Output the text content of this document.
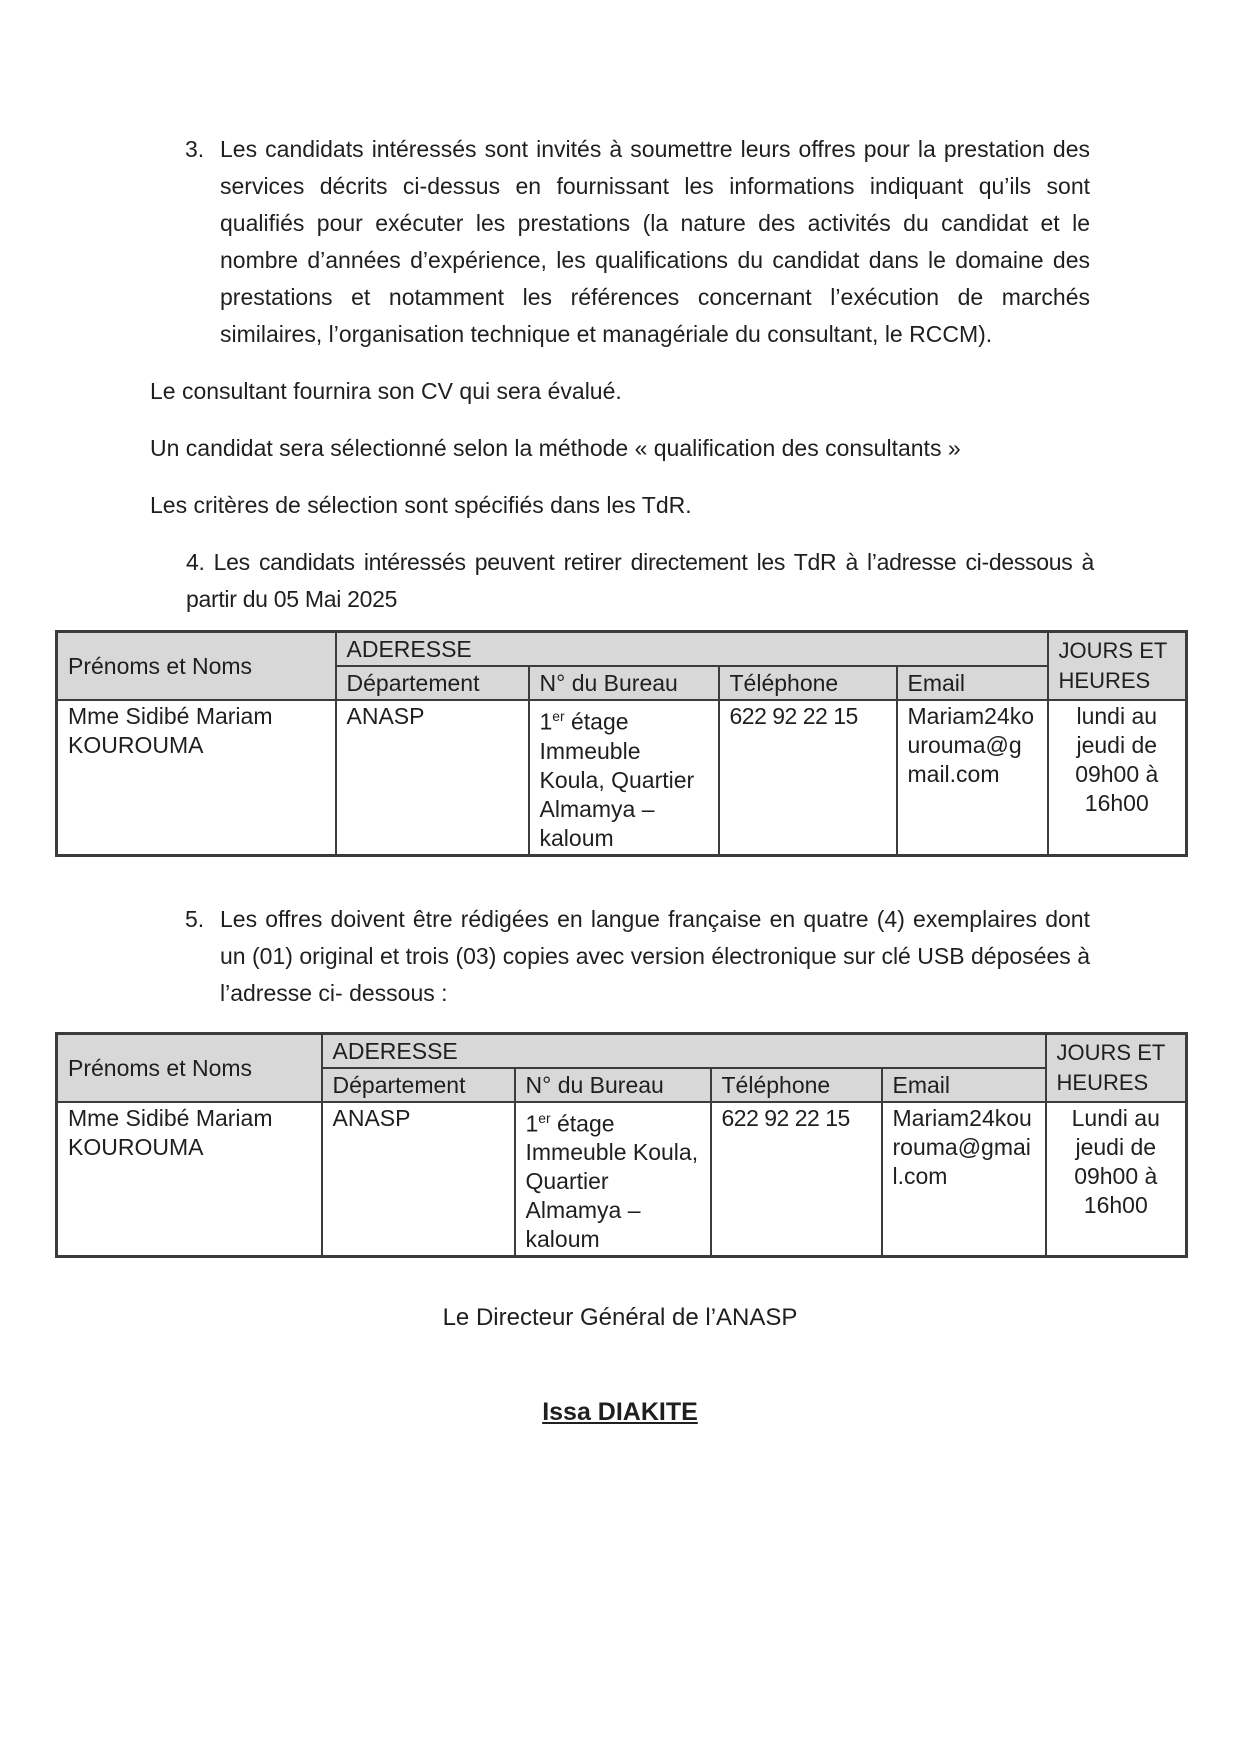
3. Les candidats intéressés sont invités à soumettre leurs offres pour la prestation des services décrits ci-dessus en fournissant les informations indiquant qu’ils sont qualifiés pour exécuter les prestations (la nature des activités du candidat et le nombre d’années d’expérience, les qualifications du candidat dans le domaine des prestations et notamment les références concernant l’exécution de marchés similaires, l’organisation technique et managériale du consultant, le RCCM).
Le consultant fournira son CV qui sera évalué.
Un candidat sera sélectionné selon la méthode « qualification des consultants »
Les critères de sélection sont spécifiés dans les TdR.
4. Les candidats intéressés peuvent retirer directement les TdR à l’adresse ci-dessous à partir du 05 Mai 2025
Prénoms et Noms	ADERESSE				JOURS ET HEURES
	Département	N° du Bureau	Téléphone	Email	
Mme Sidibé Mariam KOUROUMA	ANASP	1er étage Immeuble Koula, Quartier Almamya – kaloum	622 92 22 15	Mariam24kourouma@gmail.com	lundi au jeudi de 09h00 à 16h00
5. Les offres doivent être rédigées en langue française en quatre (4) exemplaires dont un (01) original et trois (03) copies avec version électronique sur clé USB déposées à l’adresse ci- dessous :
Prénoms et Noms	ADERESSE				JOURS ET HEURES
	Département	N° du Bureau	Téléphone	Email	
Mme Sidibé Mariam KOUROUMA	ANASP	1er étage Immeuble Koula, Quartier Almamya – kaloum	622 92 22 15	Mariam24kourouma@gmail.com	Lundi au jeudi de 09h00 à 16h00
Le Directeur Général de l’ANASP
Issa DIAKITE
